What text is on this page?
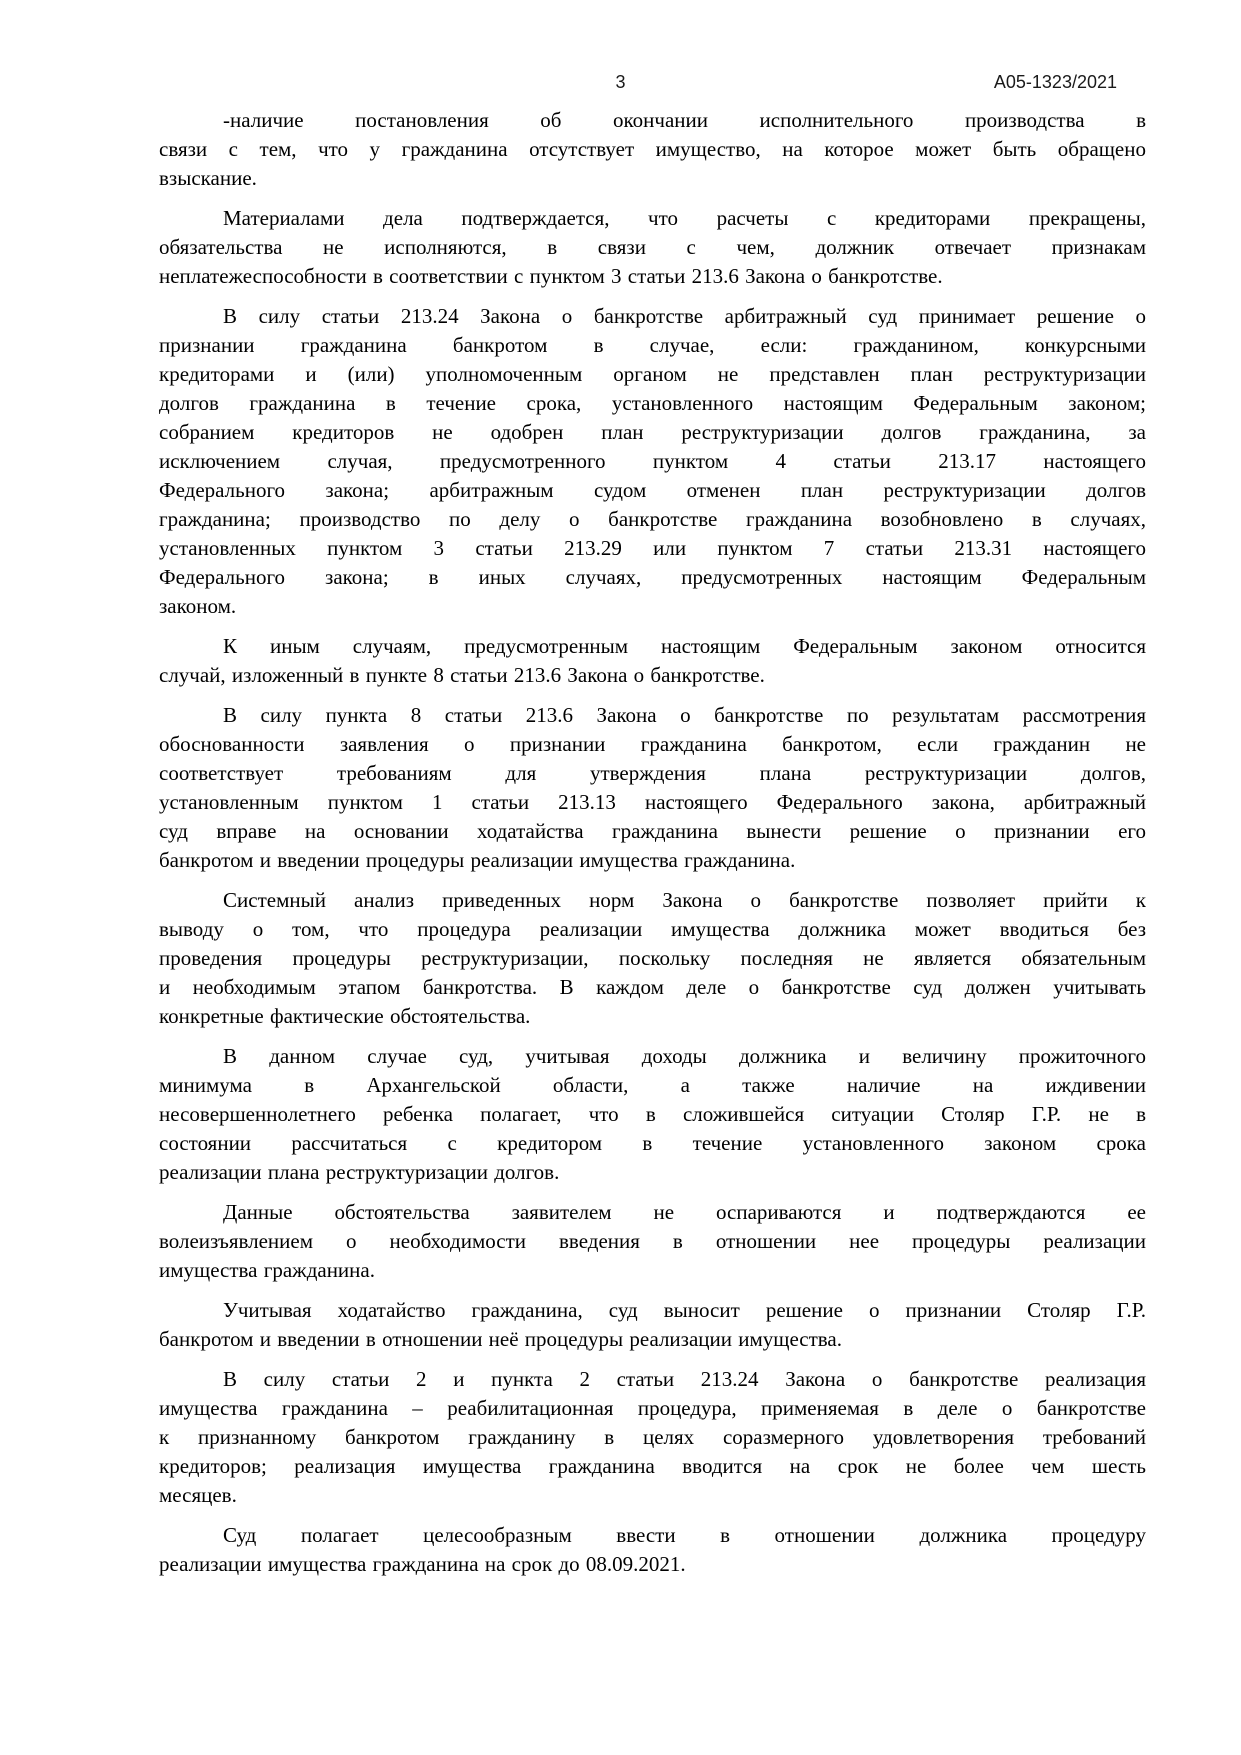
3	А05-1323/2021
-наличие постановления об окончании исполнительного производства в
связи с тем, что у гражданина отсутствует имущество, на которое может быть обращено
взыскание.
Материалами дела подтверждается, что расчеты с кредиторами прекращены,
обязательства не исполняются, в связи с чем, должник отвечает признакам
неплатежеспособности в соответствии с пунктом 3 статьи 213.6 Закона о банкротстве.
В силу статьи 213.24 Закона о банкротстве арбитражный суд принимает решение о
признании гражданина банкротом в случае, если: гражданином, конкурсными
кредиторами и (или) уполномоченным органом не представлен план реструктуризации
долгов гражданина в течение срока, установленного настоящим Федеральным законом;
собранием кредиторов не одобрен план реструктуризации долгов гражданина, за
исключением случая, предусмотренного пунктом 4 статьи 213.17 настоящего
Федерального закона; арбитражным судом отменен план реструктуризации долгов
гражданина; производство по делу о банкротстве гражданина возобновлено в случаях,
установленных пунктом 3 статьи 213.29 или пунктом 7 статьи 213.31 настоящего
Федерального закона; в иных случаях, предусмотренных настоящим Федеральным
законом.
К иным случаям, предусмотренным настоящим Федеральным законом относится
случай, изложенный в пункте 8 статьи 213.6 Закона о банкротстве.
В силу пункта 8 статьи 213.6 Закона о банкротстве по результатам рассмотрения
обоснованности заявления о признании гражданина банкротом, если гражданин не
соответствует требованиям для утверждения плана реструктуризации долгов,
установленным пунктом 1 статьи 213.13 настоящего Федерального закона, арбитражный
суд вправе на основании ходатайства гражданина вынести решение о признании его
банкротом и введении процедуры реализации имущества гражданина.
Системный анализ приведенных норм Закона о банкротстве позволяет прийти к
выводу о том, что процедура реализации имущества должника может вводиться без
проведения процедуры реструктуризации, поскольку последняя не является обязательным
и необходимым этапом банкротства. В каждом деле о банкротстве суд должен учитывать
конкретные фактические обстоятельства.
В данном случае суд, учитывая доходы должника и величину прожиточного
минимума в Архангельской области, а также наличие на иждивении
несовершеннолетнего ребенка полагает, что в сложившейся ситуации Столяр Г.Р. не в
состоянии рассчитаться с кредитором в течение установленного законом срока
реализации плана реструктуризации долгов.
Данные обстоятельства заявителем не оспариваются и подтверждаются ее
волеизъявлением о необходимости введения в отношении нее процедуры реализации
имущества гражданина.
Учитывая ходатайство гражданина, суд выносит решение о признании Столяр Г.Р.
банкротом и введении в отношении неё процедуры реализации имущества.
В силу статьи 2 и пункта 2 статьи 213.24 Закона о банкротстве реализация
имущества гражданина – реабилитационная процедура, применяемая в деле о банкротстве
к признанному банкротом гражданину в целях соразмерного удовлетворения требований
кредиторов; реализация имущества гражданина вводится на срок не более чем шесть
месяцев.
Суд полагает целесообразным ввести в отношении должника процедуру
реализации имущества гражданина на срок до 08.09.2021.
